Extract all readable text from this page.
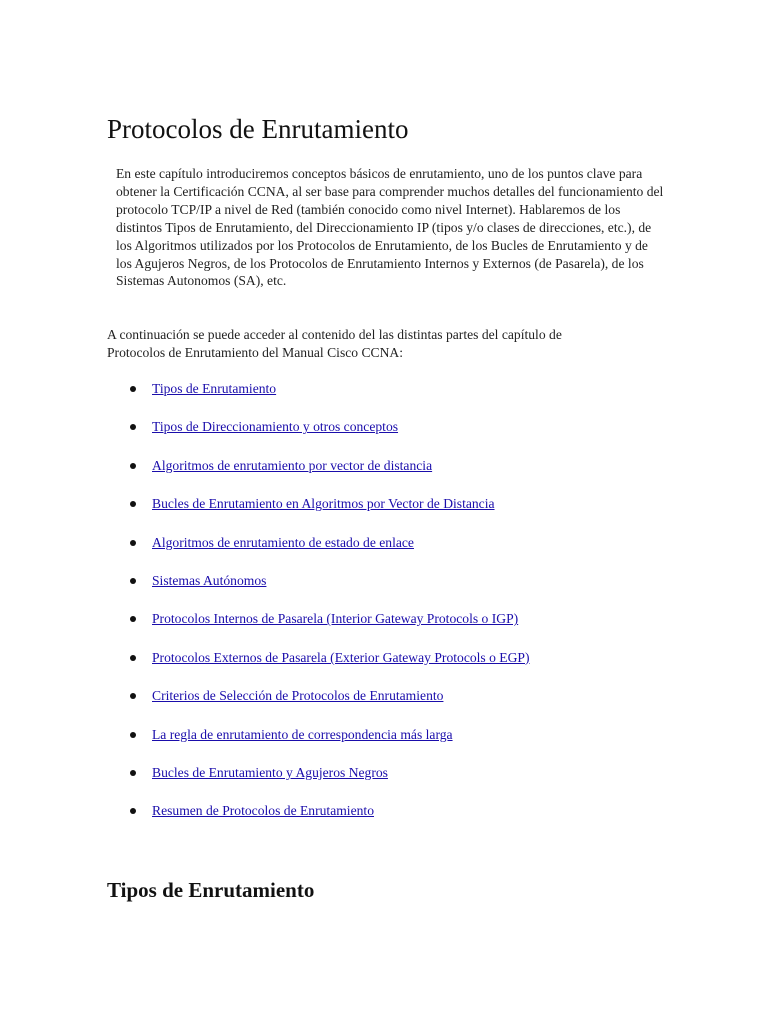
Protocolos de Enrutamiento

En este capítulo introduciremos conceptos básicos de enrutamiento, uno de los puntos clave para obtener la Certificación CCNA, al ser base para comprender muchos detalles del funcionamiento del protocolo TCP/IP a nivel de Red (también conocido como nivel Internet). Hablaremos de los distintos Tipos de Enrutamiento, del Direccionamiento IP (tipos y/o clases de direcciones, etc.), de los Algoritmos utilizados por los Protocolos de Enrutamiento, de los Bucles de Enrutamiento y de los Agujeros Negros, de los Protocolos de Enrutamiento Internos y Externos (de Pasarela), de los Sistemas Autonomos (SA), etc.

A continuación se puede acceder al contenido del las distintas partes del capítulo de Protocolos de Enrutamiento del Manual Cisco CCNA:

Tipos de Enrutamiento
Tipos de Direccionamiento y otros conceptos
Algoritmos de enrutamiento por vector de distancia
Bucles de Enrutamiento en Algoritmos por Vector de Distancia
Algoritmos de enrutamiento de estado de enlace
Sistemas Autónomos
Protocolos Internos de Pasarela (Interior Gateway Protocols o IGP)
Protocolos Externos de Pasarela (Exterior Gateway Protocols o EGP)
Criterios de Selección de Protocolos de Enrutamiento
La regla de enrutamiento de correspondencia más larga
Bucles de Enrutamiento y Agujeros Negros
Resumen de Protocolos de Enrutamiento
Tipos de Enrutamiento
